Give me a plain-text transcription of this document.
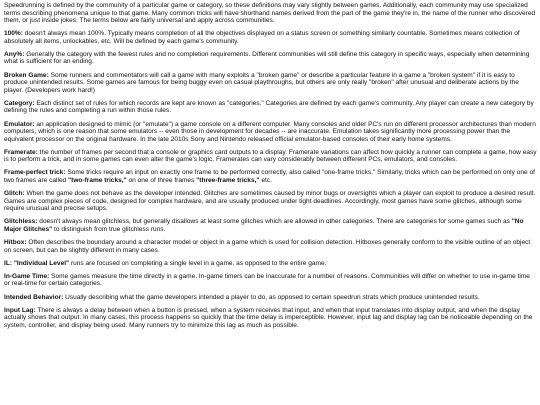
Speedrunning is defined by the community of a particular game or category, so these definitions may vary slightly between games. Additionally, each community may use specialized terms describing phenomena unique to that game. Many common tricks will have shorthand names derived from the part of the game they're in, the name of the runner who discovered them, or just inside jokes. The terms below are fairly universal and apply across communities.

100%: doesn't always mean 100%. Typically means completion of all the objectives displayed on a status screen or something similarly countable. Sometimes means collection of absolutely all items, unlockables, etc. Will be defined by each game's community.

Any%: Generally the category with the fewest rules and no completion requirements. Different communities will still define this category in specific ways, especially when determining what is sufficient for an ending.

Broken Game: Some runners and commentators will call a game with many exploits a "broken game" or describe a particular feature in a game a "broken system" if it is easy to produce unintended results. Some games are famous for being buggy even on casual playthroughs, but others are only really "broken" after unusual and deliberate actions by the player. (Developers work hard!)

Category: Each distinct set of rules for which records are kept are known as "categories." Categories are defined by each game's community. Any player can create a new category by defining the rules and completing a run within those rules.

Emulator: an application designed to mimic (or "emulate") a game console on a different computer. Many consoles and older PC's run on different processor architectures than modern computers, which is one reason that some emulators -- even those in development for decades -- are inaccurate. Emulation takes significantly more processing power than the equivalent processor on the original hardware. In the late 2010s Sony and Nintendo released official emulator-based consoles of their early home systems.

Framerate: the number of frames per second that a console or graphics card outputs to a display. Framerate variations can affect how quickly a runner can complete a game, how easy is to perform a trick, and in some games can even alter the game's logic. Framerates can vary considerably between different PCs, emulators, and consoles.

Frame-perfect trick: Some tricks require an input on exactly one frame to be performed correctly, also called "one-frame tricks." Similarly, tricks which can be performed on only one of two frames are called "two-frame tricks," on one of three frames "three-frame tricks," etc.

Glitch: When the game does not behave as the developer intended. Glitches are sometimes caused by minor bugs or oversights which a player can exploit to produce a desired result. Games are complex pieces of code, designed for complex hardware, and are usually produced under tight deadlines. Accordingly, most games have some glitches, although some require unusual and precise setups.

Glitchless: doesn't always mean glitchless, but generally disallows at least some glitches which are allowed in other categories. There are categories for some games such as "No Major Glitches" to distinguish from true glitchless runs.

Hitbox: Often describes the boundary around a character model or object in a game which is used for collision detection. Hitboxes generally conform to the visible outline of an object on screen, but can be slightly different in many cases.

IL: "Individual Level" runs are focused on completing a single level in a game, as opposed to the entire game.

In-Game Time: Some games measure the time directly in a game. In-game timers can be inaccurate for a number of reasons. Communities will differ on whether to use in-game time or real-time for certain categories.

Intended Behavior: Usually describing what the game developers intended a player to do, as opposed to certain speedrun strats which produce unintended results.

Input Lag: There is always a delay between when a button is pressed, when a system receives that input, and when that input translates into display output, and when the display actually shows that output. In many cases, this process happens so quickly that the time delay is imperceptible. However, input lag and display lag can be noticeable depending on the system, controller, and display being used. Many runners try to minimize this lag as much as possible.
